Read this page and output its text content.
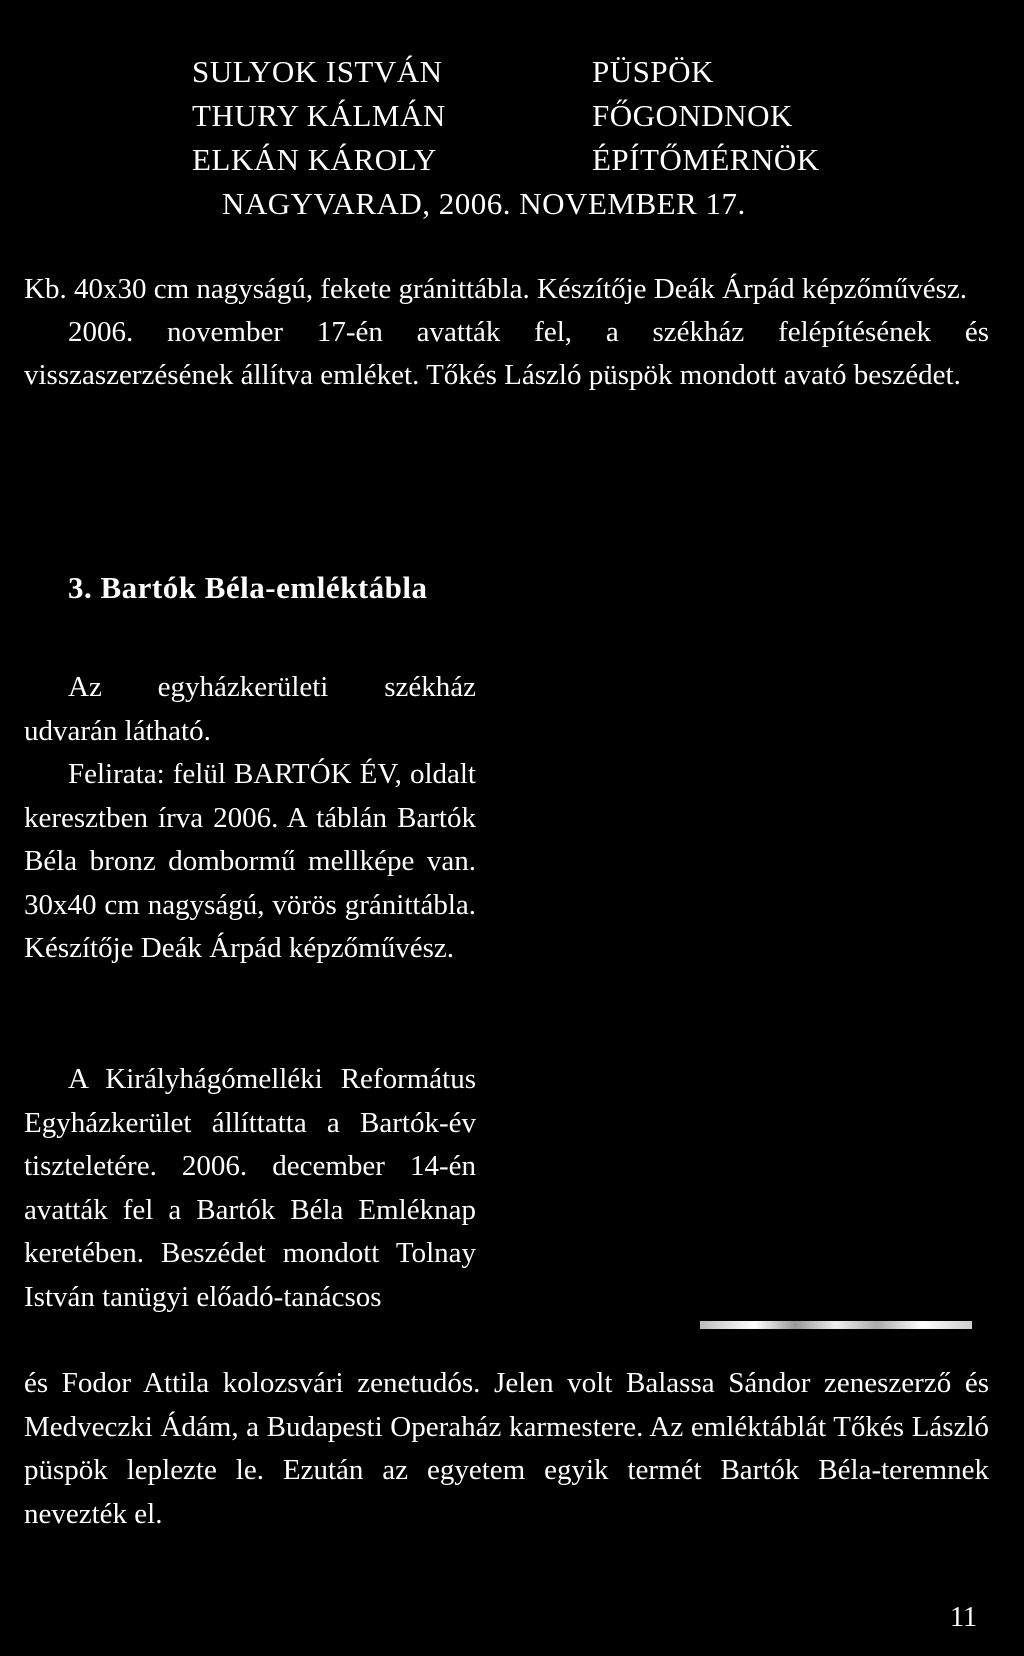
SULYOK ISTVÁN	PÜSPÖK
THURY KÁLMÁN	FŐGONDNOK
ELKÁN KÁROLY	ÉPÍTŐMÉRNÖK
NAGYVARAD, 2006. NOVEMBER 17.
Kb. 40x30 cm nagyságú, fekete gránittábla. Készítője Deák Árpád képzőművész.
2006. november 17-én avatták fel, a székház felépítésének és visszaszerzésének állítva emléket. Tőkés László püspök mondott avató beszédet.
3. Bartók Béla-emléktábla

Az egyházkerületi székház udvarán látható.

Felirata: felül BARTÓK ÉV, oldalt keresztben írva 2006. A táblán Bartók Béla bronz dombormű mellképe van. 30x40 cm nagyságú, vörös gránittábla. Készítője Deák Árpád képzőművész.

A Királyhágómelléki Református Egyházkerület állíttatta a Bartók-év tiszteletére. 2006. december 14-én avatták fel a Bartók Béla Emléknap keretében. Beszédet mondott Tolnay István tanügyi előadó-tanácsos

és Fodor Attila kolozsvári zenetudós. Jelen volt Balassa Sándor zeneszerző és Medveczki Ádám, a Budapesti Operaház karmestere. Az emléktáblát Tőkés László püspök leplezte le. Ezután az egyetem egyik termét Bartók Béla-teremnek nevezték el.

11
